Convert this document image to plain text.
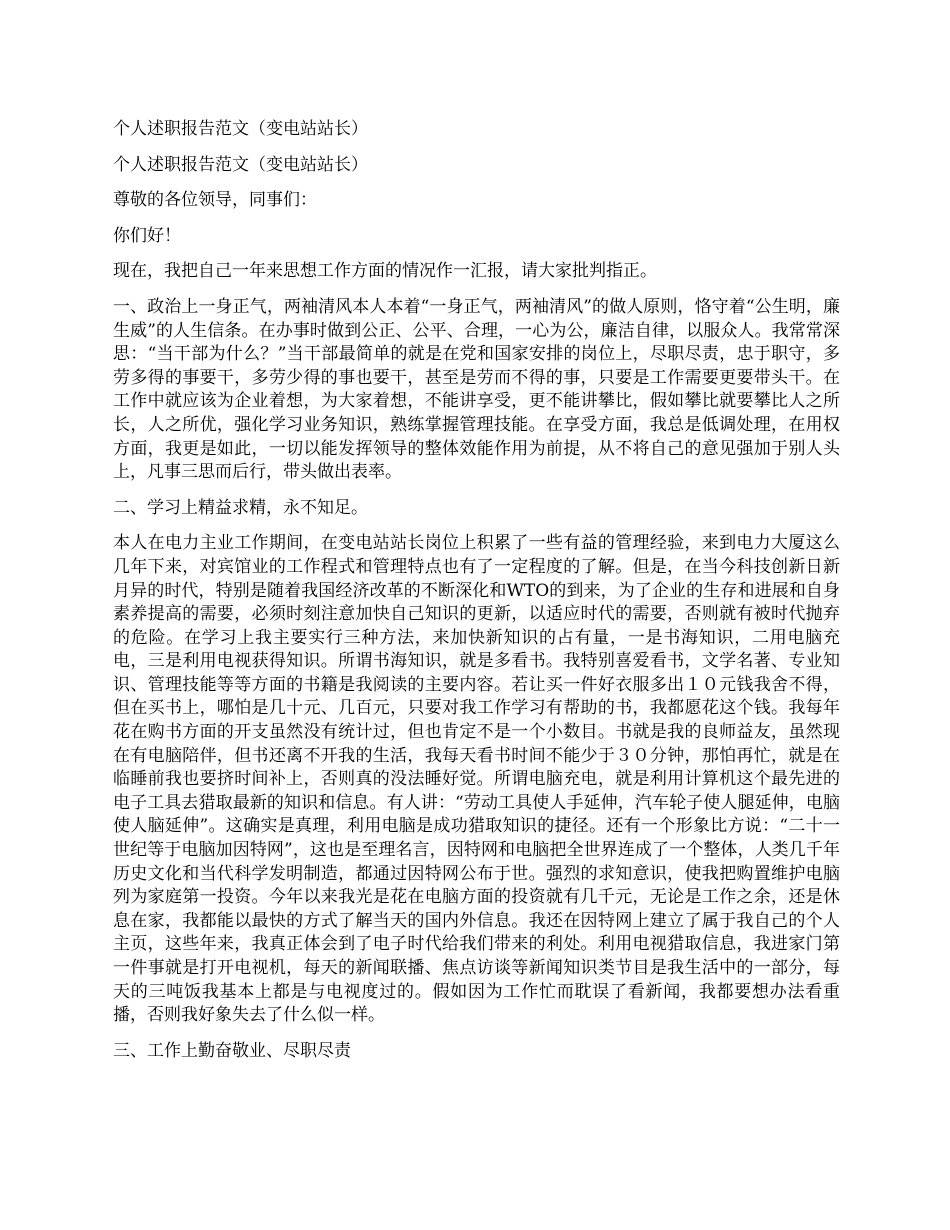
个人述职报告范文（变电站站长）

个人述职报告范文（变电站站长）

尊敬的各位领导，同事们：

你们好！

现在，我把自己一年来思想工作方面的情况作一汇报，请大家批判指正。

一、政治上一身正气，两袖清风本人本着“一身正气，两袖清风”的做人原则，恪守着“公生明，廉生威”的人生信条。在办事时做到公正、公平、合理，一心为公，廉洁自律，以服众人。我常常深思：“当干部为什么？”当干部最简单的就是在党和国家安排的岗位上，尽职尽责，忠于职守，多劳多得的事要干，多劳少得的事也要干，甚至是劳而不得的事，只要是工作需要更要带头干。在工作中就应该为企业着想，为大家着想，不能讲享受，更不能讲攀比，假如攀比就要攀比人之所长，人之所优，强化学习业务知识，熟练掌握管理技能。在享受方面，我总是低调处理，在用权方面，我更是如此，一切以能发挥领导的整体效能作用为前提，从不将自己的意见强加于别人头上，凡事三思而后行，带头做出表率。

二、学习上精益求精，永不知足。

本人在电力主业工作期间，在变电站站长岗位上积累了一些有益的管理经验，来到电力大厦这么几年下来，对宾馆业的工作程式和管理特点也有了一定程度的了解。但是，在当今科技创新日新月异的时代，特别是随着我国经济改革的不断深化和WTO的到来，为了企业的生存和进展和自身素养提高的需要，必须时刻注意加快自己知识的更新，以适应时代的需要，否则就有被时代抛弃的危险。在学习上我主要实行三种方法，来加快新知识的占有量，一是书海知识，二用电脑充电，三是利用电视获得知识。所谓书海知识，就是多看书。我特别喜爱看书，文学名著、专业知识、管理技能等等方面的书籍是我阅读的主要内容。若让买一件好衣服多出１０元钱我舍不得，但在买书上，哪怕是几十元、几百元，只要对我工作学习有帮助的书，我都愿花这个钱。我每年花在购书方面的开支虽然没有统计过，但也肯定不是一个小数目。书就是我的良师益友，虽然现在有电脑陪伴，但书还离不开我的生活，我每天看书时间不能少于３０分钟，那怕再忙，就是在临睡前我也要挤时间补上，否则真的没法睡好觉。所谓电脑充电，就是利用计算机这个最先进的电子工具去猎取最新的知识和信息。有人讲：“劳动工具使人手延伸，汽车轮子使人腿延伸，电脑使人脑延伸”。这确实是真理，利用电脑是成功猎取知识的捷径。还有一个形象比方说：“二十一世纪等于电脑加因特网”，这也是至理名言，因特网和电脑把全世界连成了一个整体，人类几千年历史文化和当代科学发明制造，都通过因特网公布于世。强烈的求知意识，使我把购置维护电脑列为家庭第一投资。今年以来我光是花在电脑方面的投资就有几千元，无论是工作之余，还是休息在家，我都能以最快的方式了解当天的国内外信息。我还在因特网上建立了属于我自己的个人主页，这些年来，我真正体会到了电子时代给我们带来的利处。利用电视猎取信息，我进家门第一件事就是打开电视机，每天的新闻联播、焦点访谈等新闻知识类节目是我生活中的一部分，每天的三吨饭我基本上都是与电视度过的。假如因为工作忙而耽误了看新闻，我都要想办法看重播，否则我好象失去了什么似一样。

三、工作上勤奋敬业、尽职尽责
